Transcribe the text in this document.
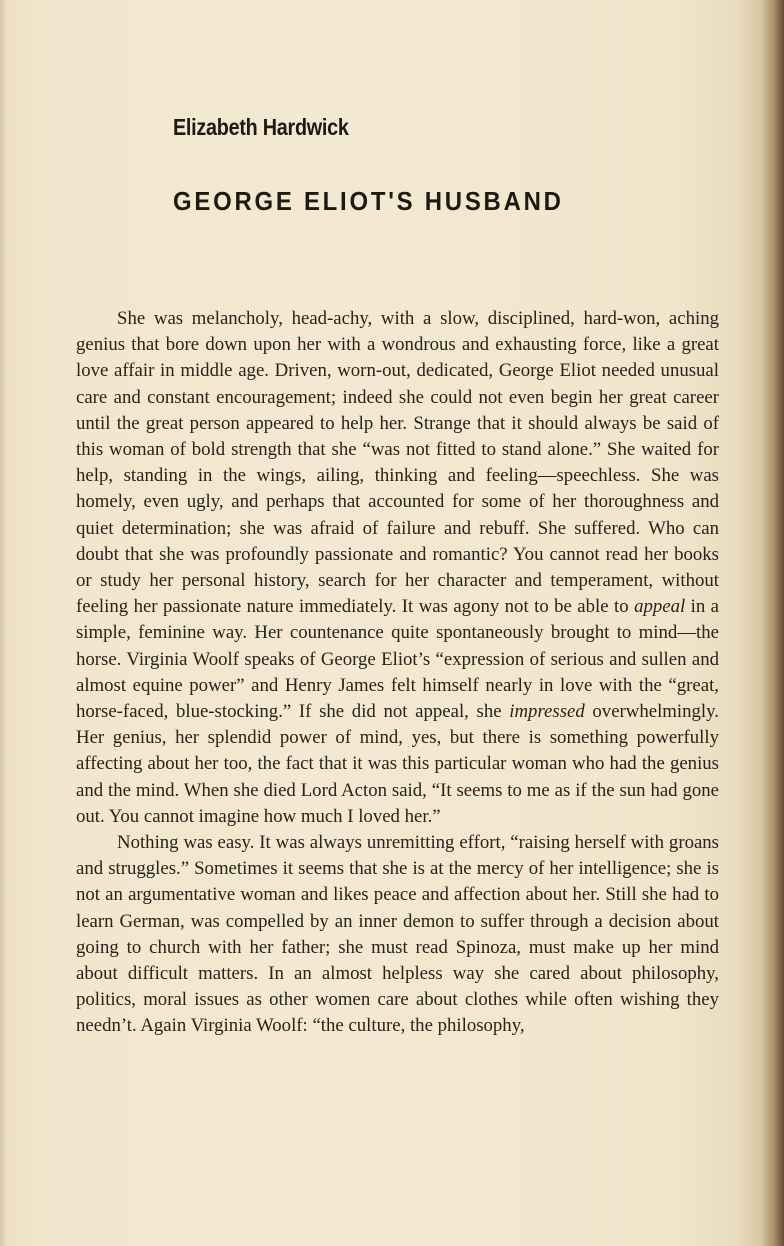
Elizabeth Hardwick
GEORGE ELIOT'S HUSBAND

She was melancholy, head-achy, with a slow, disciplined, hard-won, aching genius that bore down upon her with a wondrous and exhausting force, like a great love affair in middle age. Driven, worn-out, dedicated, George Eliot needed unusual care and constant encouragement; indeed she could not even begin her great career until the great person appeared to help her. Strange that it should always be said of this woman of bold strength that she “was not fitted to stand alone.” She waited for help, standing in the wings, ailing, thinking and feeling—speechless. She was homely, even ugly, and perhaps that accounted for some of her thoroughness and quiet determination; she was afraid of failure and rebuff. She suffered. Who can doubt that she was profoundly passionate and romantic? You cannot read her books or study her personal history, search for her character and temperament, without feeling her passionate nature immediately. It was agony not to be able to appeal in a simple, feminine way. Her countenance quite spontaneously brought to mind—the horse. Virginia Woolf speaks of George Eliot’s “expression of serious and sullen and almost equine power” and Henry James felt himself nearly in love with the “great, horse-faced, blue-stocking.” If she did not appeal, she impressed overwhelmingly. Her genius, her splendid power of mind, yes, but there is something powerfully affecting about her too, the fact that it was this particular woman who had the genius and the mind. When she died Lord Acton said, “It seems to me as if the sun had gone out. You cannot imagine how much I loved her.”

Nothing was easy. It was always unremitting effort, “raising herself with groans and struggles.” Sometimes it seems that she is at the mercy of her intelligence; she is not an argumentative woman and likes peace and affection about her. Still she had to learn German, was compelled by an inner demon to suffer through a decision about going to church with her father; she must read Spinoza, must make up her mind about difficult matters. In an almost helpless way she cared about philosophy, politics, moral issues as other women care about clothes while often wishing they needn’t. Again Virginia Woolf: “the culture, the philosophy,
